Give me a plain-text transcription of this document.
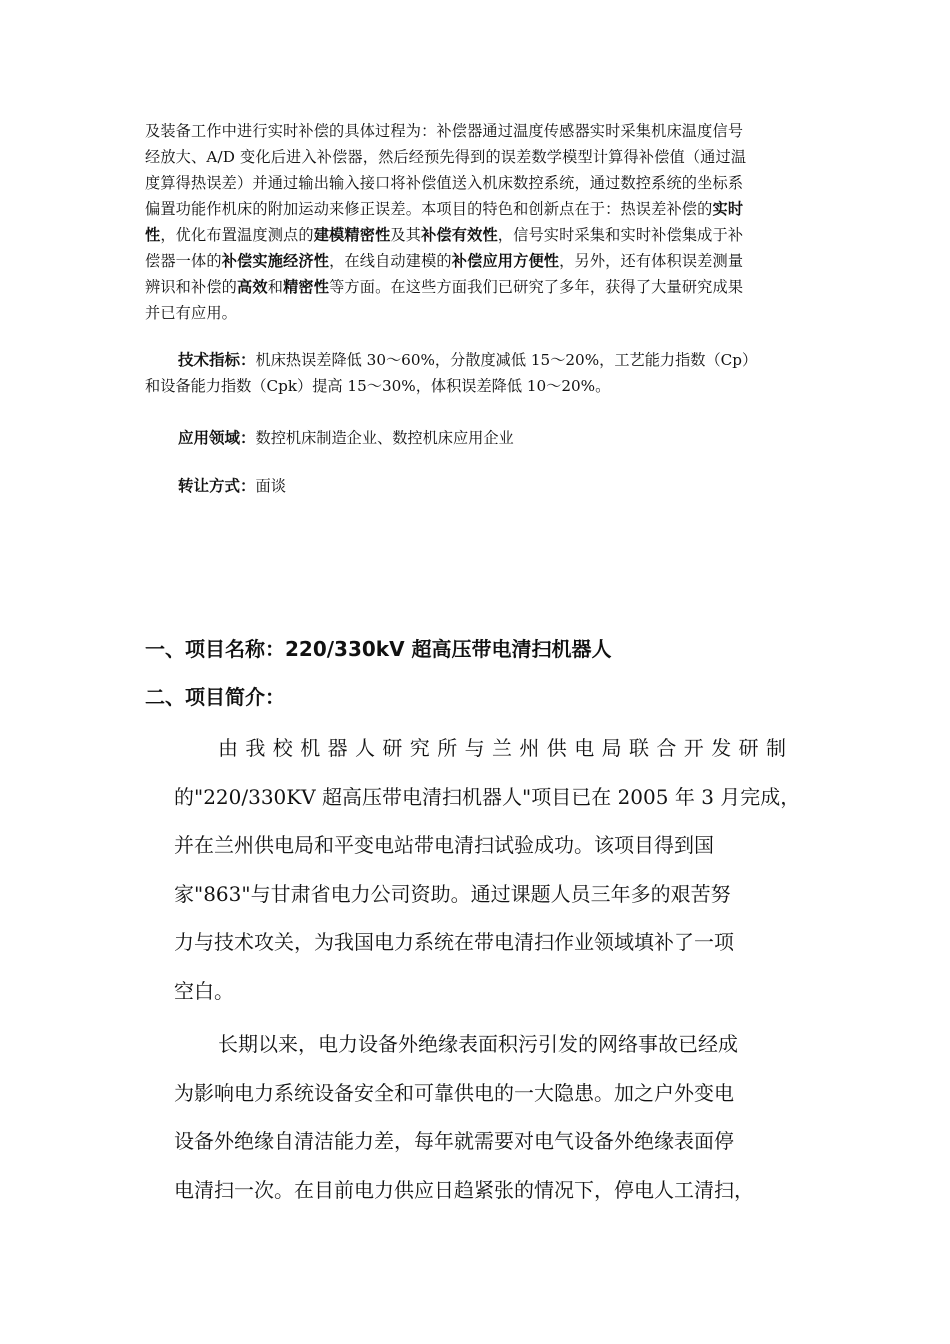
及装备工作中进行实时补偿的具体过程为：补偿器通过温度传感器实时采集机床温度信号
经放大、A/D 变化后进入补偿器，然后经预先得到的误差数学模型计算得补偿值（通过温
度算得热误差）并通过输出输入接口将补偿值送入机床数控系统，通过数控系统的坐标系
偏置功能作机床的附加运动来修正误差。本项目的特色和创新点在于：热误差补偿的实时
性，优化布置温度测点的建模精密性及其补偿有效性，信号实时采集和实时补偿集成于补
偿器一体的补偿实施经济性，在线自动建模的补偿应用方便性，另外，还有体积误差测量
辨识和补偿的高效和精密性等方面。在这些方面我们已研究了多年，获得了大量研究成果
并已有应用。
技术指标：机床热误差降低 30～60%，分散度减低 15～20%，工艺能力指数（Cp）
和设备能力指数（Cpk）提高 15～30%，体积误差降低 10～20%。
应用领域：数控机床制造企业、数控机床应用企业
转让方式：面谈
一、项目名称：220/330kV 超高压带电清扫机器人
二、项目简介：
由我校机器人研究所与兰州供电局联合开发研制
的"220/330KV 超高压带电清扫机器人"项目已在 2005 年 3 月完成，
并在兰州供电局和平变电站带电清扫试验成功。该项目得到国
家"863"与甘肃省电力公司资助。通过课题人员三年多的艰苦努
力与技术攻关，为我国电力系统在带电清扫作业领域填补了一项
空白。
长期以来，电力设备外绝缘表面积污引发的网络事故已经成
为影响电力系统设备安全和可靠供电的一大隐患。加之户外变电
设备外绝缘自清洁能力差，每年就需要对电气设备外绝缘表面停
电清扫一次。在目前电力供应日趋紧张的情况下，停电人工清扫，
